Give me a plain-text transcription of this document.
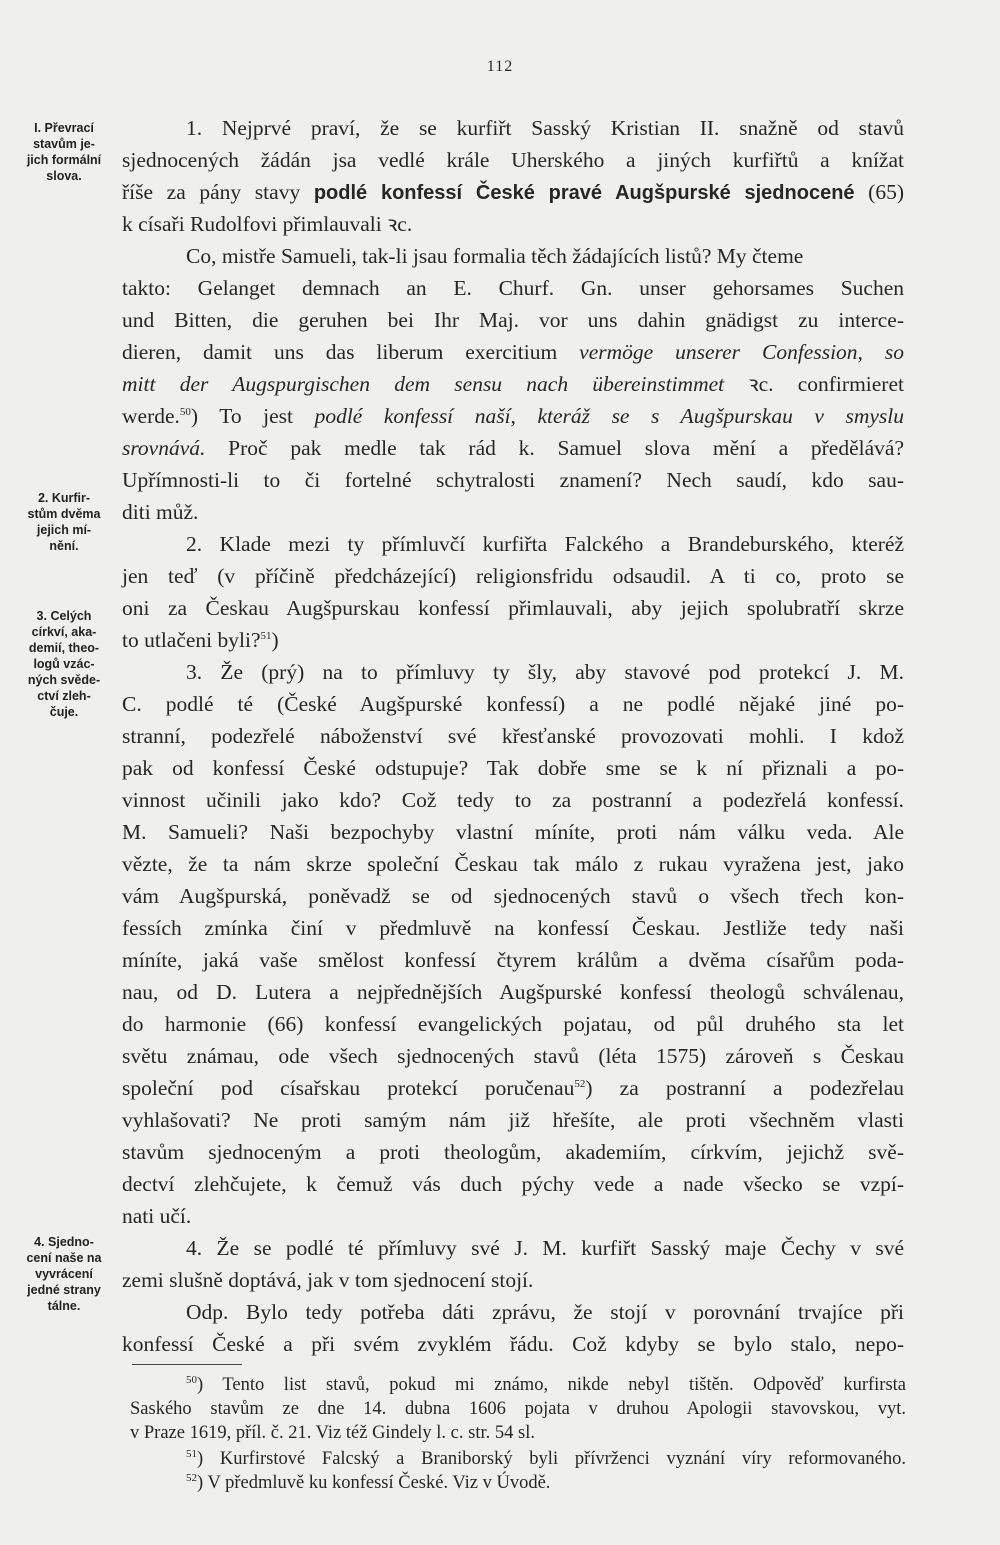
112
I. Převrací
stavům je-
jich formální
slova.
2. Kurfir-
stům dvěma
jejich mí-
nění.
3. Celých
církví, aka-
demií, theo-
logů vzác-
ných svěde-
ctví zleh-
čuje.
4. Sjedno-
cení naše na
vyvrácení
jedné strany
tálne.
1. Nejprvé praví, že se kurfiřt Sasský Kristian II. snažně od stavů
sjednocených žádán jsa vedlé krále Uherského a jiných kurfiřtů a knížat
říše za pány stavy podlé konfessí České pravé Augšpurské sjednocené (65)
k císaři Rudolfovi přimlauvali ꝛc.
Co, mistře Samueli, tak-li jsau formalia těch žádajících listů? My čteme
takto: Gelanget demnach an E. Churf. Gn. unser gehorsames Suchen
und Bitten, die geruhen bei Ihr Maj. vor uns dahin gnädigst zu interce-
dieren, damit uns das liberum exercitium vermöge unserer Confession, so
mitt der Augspurgischen dem sensu nach übereinstimmet ꝛc. confirmieret
werde.$^{50}$) To jest podlé konfessí naší, kteráž se s Augšpurskau v smyslu
srovnává. Proč pak medle tak rád k. Samuel slova mění a předělává?
Upřímnosti-li to či fortelné schytralosti znamení? Nech saudí, kdo sau-
diti můž.
2. Klade mezi ty přímluvčí kurfiřta Falckého a Brandeburského, kteréž
jen teď (v příčině předcházející) religionsfridu odsaudil. A ti co, proto se
oni za Českau Augšpurskau konfessí přimlauvali, aby jejich spolubratří skrze
to utlačeni byli?$^{51}$)
3. Že (prý) na to přímluvy ty šly, aby stavové pod protekcí J. M.
C. podlé té (České Augšpurské konfessí) a ne podlé nějaké jiné po-
stranní, podezřelé náboženství své křesťanské provozovati mohli. I kdož
pak od konfessí České odstupuje? Tak dobře sme se k ní přiznali a po-
vinnost učinili jako kdo? Což tedy to za postranní a podezřelá konfessí.
M. Samueli? Naši bezpochyby vlastní míníte, proti nám válku veda. Ale
vězte, že ta nám skrze společní Českau tak málo z rukau vyražena jest, jako
vám Augšpurská, poněvadž se od sjednocených stavů o všech třech kon-
fessích zmínka činí v předmluvě na konfessí Českau. Jestliže tedy naši
míníte, jaká vaše smělost konfessí čtyrem králům a dvěma císařům poda-
nau, od D. Lutera a nejpřednějších Augšpurské konfessí theologů schválenau,
do harmonie (66) konfessí evangelických pojatau, od půl druhého sta let
světu známau, ode všech sjednocených stavů (léta 1575) zároveň s Českau
společní pod císařskau protekcí poručenau$^{52}$) za postranní a podezřelau
vyhlašovati? Ne proti samým nám již hřešíte, ale proti všechněm vlasti
stavům sjednoceným a proti theologům, akademiím, církvím, jejichž svě-
dectví zlehčujete, k čemuž vás duch pýchy vede a nade všecko se vzpí-
nati učí.
4. Že se podlé té přímluvy své J. M. kurfiřt Sasský maje Čechy v své
zemi slušně doptává, jak v tom sjednocení stojí.
Odp. Bylo tedy potřeba dáti zprávu, že stojí v porovnání trvajíce při
konfessí České a při svém zvyklém řádu. Což kdyby se bylo stalo, nepo-
$^{50}$) Tento list stavů, pokud mi známo, nikde nebyl tištěn. Odpověď kurfirsta
Saského stavům ze dne 14. dubna 1606 pojata v druhou Apologii stavovskou, vyt.
v Praze 1619, příl. č. 21. Viz též Gindely l. c. str. 54 sl.
$^{51}$) Kurfirstové Falcský a Braniborský byli přívrženci vyznání víry reformovaného.
$^{52}$) V předmluvě ku konfessí České. Viz v Úvodě.
